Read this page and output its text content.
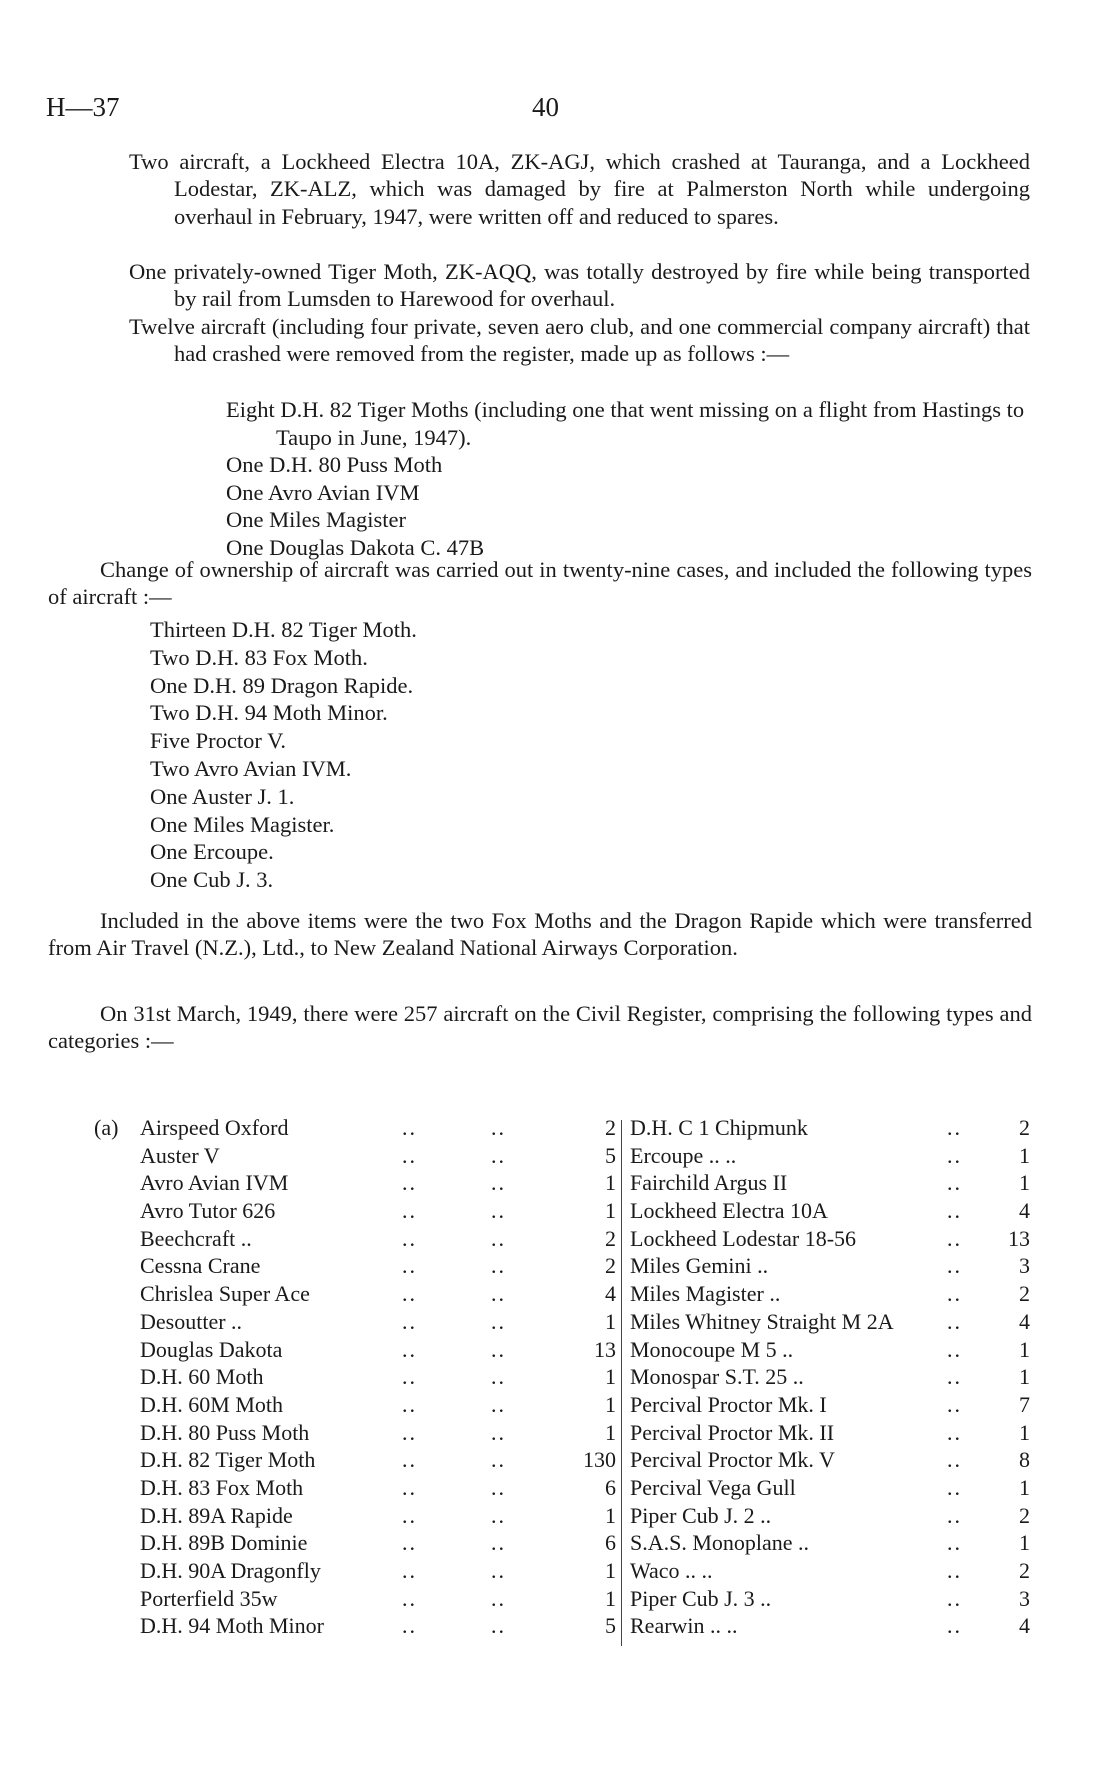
H—37	40

Two aircraft, a Lockheed Electra 10A, ZK-AGJ, which crashed at Tauranga, and a Lockheed Lodestar, ZK-ALZ, which was damaged by fire at Palmerston North while undergoing overhaul in February, 1947, were written off and reduced to spares.

One privately-owned Tiger Moth, ZK-AQQ, was totally destroyed by fire while being transported by rail from Lumsden to Harewood for overhaul.

Twelve aircraft (including four private, seven aero club, and one commercial company aircraft) that had crashed were removed from the register, made up as follows :—

Eight D.H. 82 Tiger Moths (including one that went missing on a flight from Hastings to Taupo in June, 1947).
One D.H. 80 Puss Moth
One Avro Avian IVM
One Miles Magister
One Douglas Dakota C. 47B

Change of ownership of aircraft was carried out in twenty-nine cases, and included the following types of aircraft :—

Thirteen D.H. 82 Tiger Moth.
Two D.H. 83 Fox Moth.
One D.H. 89 Dragon Rapide.
Two D.H. 94 Moth Minor.
Five Proctor V.
Two Avro Avian IVM.
One Auster J. 1.
One Miles Magister.
One Ercoupe.
One Cub J. 3.

Included in the above items were the two Fox Moths and the Dragon Rapide which were transferred from Air Travel (N.Z.), Ltd., to New Zealand National Airways Corporation.

On 31st March, 1949, there were 257 aircraft on the Civil Register, comprising the following types and categories :—

(a) Airspeed Oxford	..	..	2
Auster V	..	..	5
Avro Avian IVM	..	..	1
Avro Tutor 626	..	..	1
Beechcraft ..	..	..	2
Cessna Crane	..	..	2
Chrislea Super Ace	..	..	4
Desoutter ..	..	..	1
Douglas Dakota	..	..	13
D.H. 60 Moth	..	..	1
D.H. 60M Moth	..	..	1
D.H. 80 Puss Moth	..	..	1
D.H. 82 Tiger Moth	..	..	130
D.H. 83 Fox Moth	..	..	6
D.H. 89A Rapide	..	..	1
D.H. 89B Dominie	..	..	6
D.H. 90A Dragonfly	..	..	1
Porterfield 35w	..	..	1
D.H. 94 Moth Minor	..	..	5
D.H. C 1 Chipmunk	..	2
Ercoupe .. ..	..	1
Fairchild Argus II	..	1
Lockheed Electra 10A	..	4
Lockheed Lodestar 18-56	..	13
Miles Gemini ..	..	3
Miles Magister ..	..	2
Miles Whitney Straight M 2A ..	4
Monocoupe M 5 ..	..	1
Monospar S.T. 25 ..	..	1
Percival Proctor Mk. I	..	7
Percival Proctor Mk. II	..	1
Percival Proctor Mk. V	..	8
Percival Vega Gull	..	1
Piper Cub J. 2 ..	..	2
S.A.S. Monoplane ..	..	1
Waco .. ..	..	2
Piper Cub J. 3 ..	..	3
Rearwin .. ..	..	4
